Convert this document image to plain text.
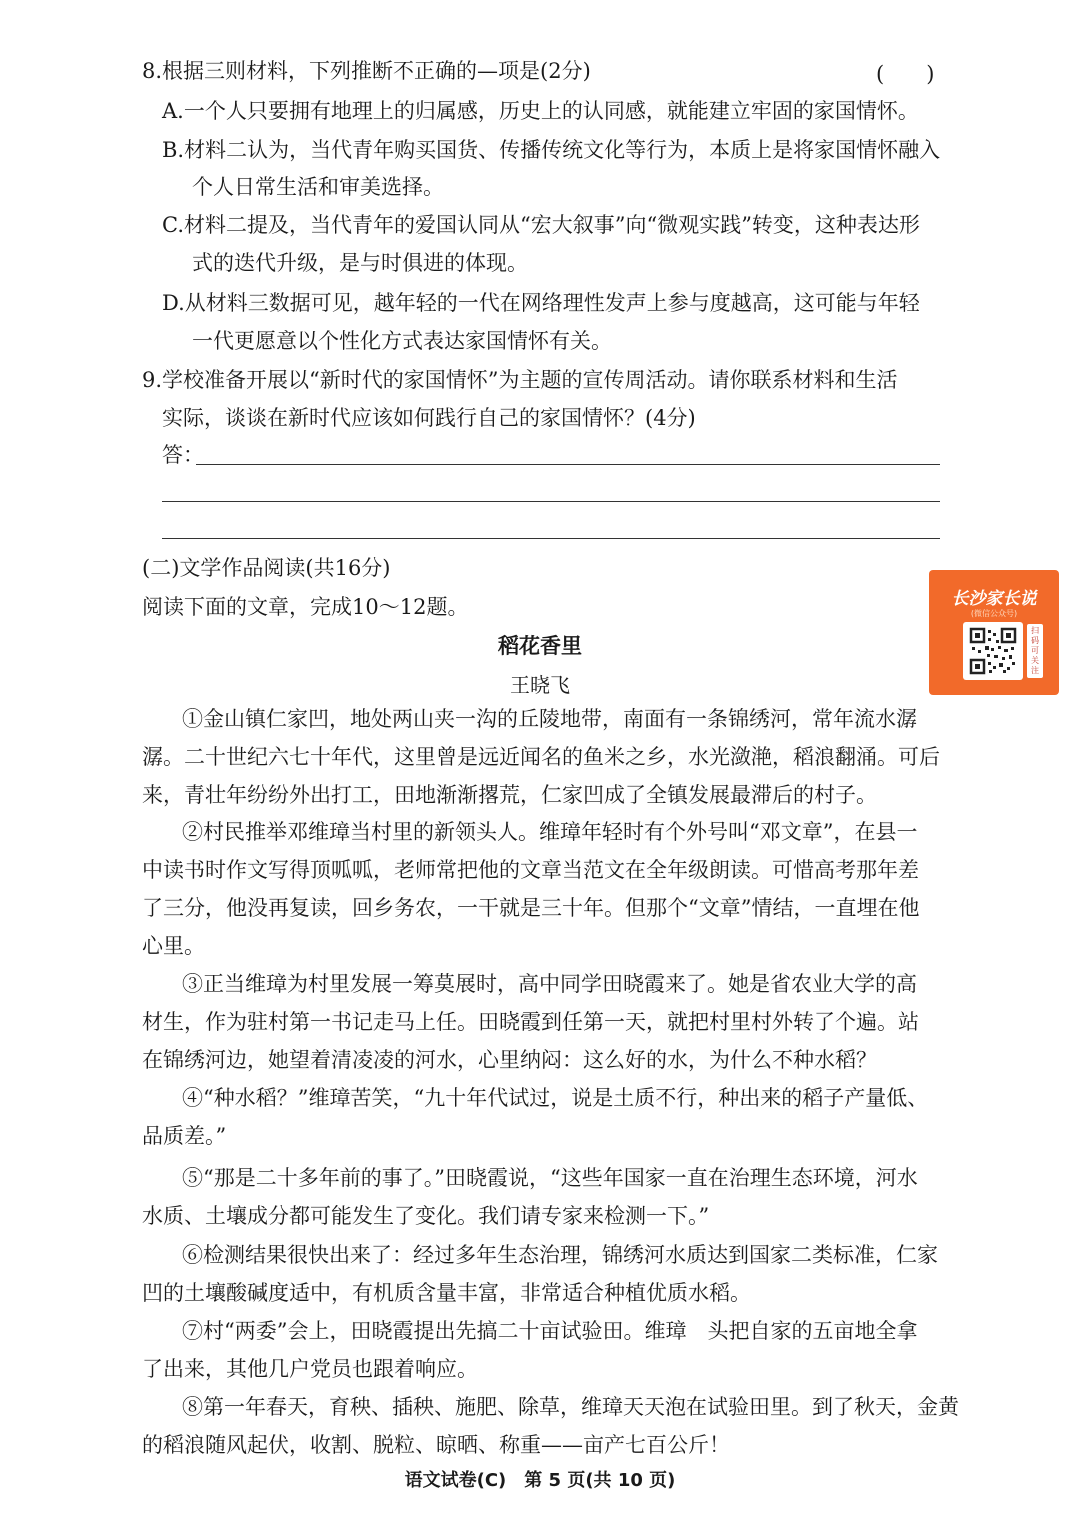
8.根据三则材料，下列推断不正确的—项是(2分)	(　　)
A.一个人只要拥有地理上的归属感，历史上的认同感，就能建立牢固的家国情怀。
B.材料二认为，当代青年购买国货、传播传统文化等行为，本质上是将家国情怀融入
个人日常生活和审美选择。
C.材料二提及，当代青年的爱国认同从“宏大叙事”向“微观实践”转变，这种表达形
式的迭代升级，是与时俱进的体现。
D.从材料三数据可见，越年轻的一代在网络理性发声上参与度越高，这可能与年轻
一代更愿意以个性化方式表达家国情怀有关。
9.学校准备开展以“新时代的家国情怀”为主题的宣传周活动。请你联系材料和生活
实际，谈谈在新时代应该如何践行自己的家国情怀？(4分)
答：
(二)文学作品阅读(共16分)
阅读下面的文章，完成10～12题。
稻花香里
王晓飞
长沙家长说
(微信公众号)
扫码可关注
①金山镇仁家凹，地处两山夹一沟的丘陵地带，南面有一条锦绣河，常年流水潺
潺。二十世纪六七十年代，这里曾是远近闻名的鱼米之乡，水光潋滟，稻浪翻涌。可后
来，青壮年纷纷外出打工，田地渐渐撂荒，仁家凹成了全镇发展最滞后的村子。
②村民推举邓维璋当村里的新领头人。维璋年轻时有个外号叫“邓文章”，在县一
中读书时作文写得顶呱呱，老师常把他的文章当范文在全年级朗读。可惜高考那年差
了三分，他没再复读，回乡务农，一干就是三十年。但那个“文章”情结，一直埋在他
心里。
③正当维璋为村里发展一筹莫展时，高中同学田晓霞来了。她是省农业大学的高
材生，作为驻村第一书记走马上任。田晓霞到任第一天，就把村里村外转了个遍。站
在锦绣河边，她望着清凌凌的河水，心里纳闷：这么好的水，为什么不种水稻？
④“种水稻？”维璋苦笑，“九十年代试过，说是土质不行，种出来的稻子产量低、
品质差。”
⑤“那是二十多年前的事了。”田晓霞说，“这些年国家一直在治理生态环境，河水
水质、土壤成分都可能发生了变化。我们请专家来检测一下。”
⑥检测结果很快出来了：经过多年生态治理，锦绣河水质达到国家二类标准，仁家
凹的土壤酸碱度适中，有机质含量丰富，非常适合种植优质水稻。
⑦村“两委”会上，田晓霞提出先搞二十亩试验田。维璋　头把自家的五亩地全拿
了出来，其他几户党员也跟着响应。
⑧第一年春天，育秧、插秧、施肥、除草，维璋天天泡在试验田里。到了秋天，金黄
的稻浪随风起伏，收割、脱粒、晾晒、称重——亩产七百公斤！
语文试卷(C)　第 5 页(共 10 页)
